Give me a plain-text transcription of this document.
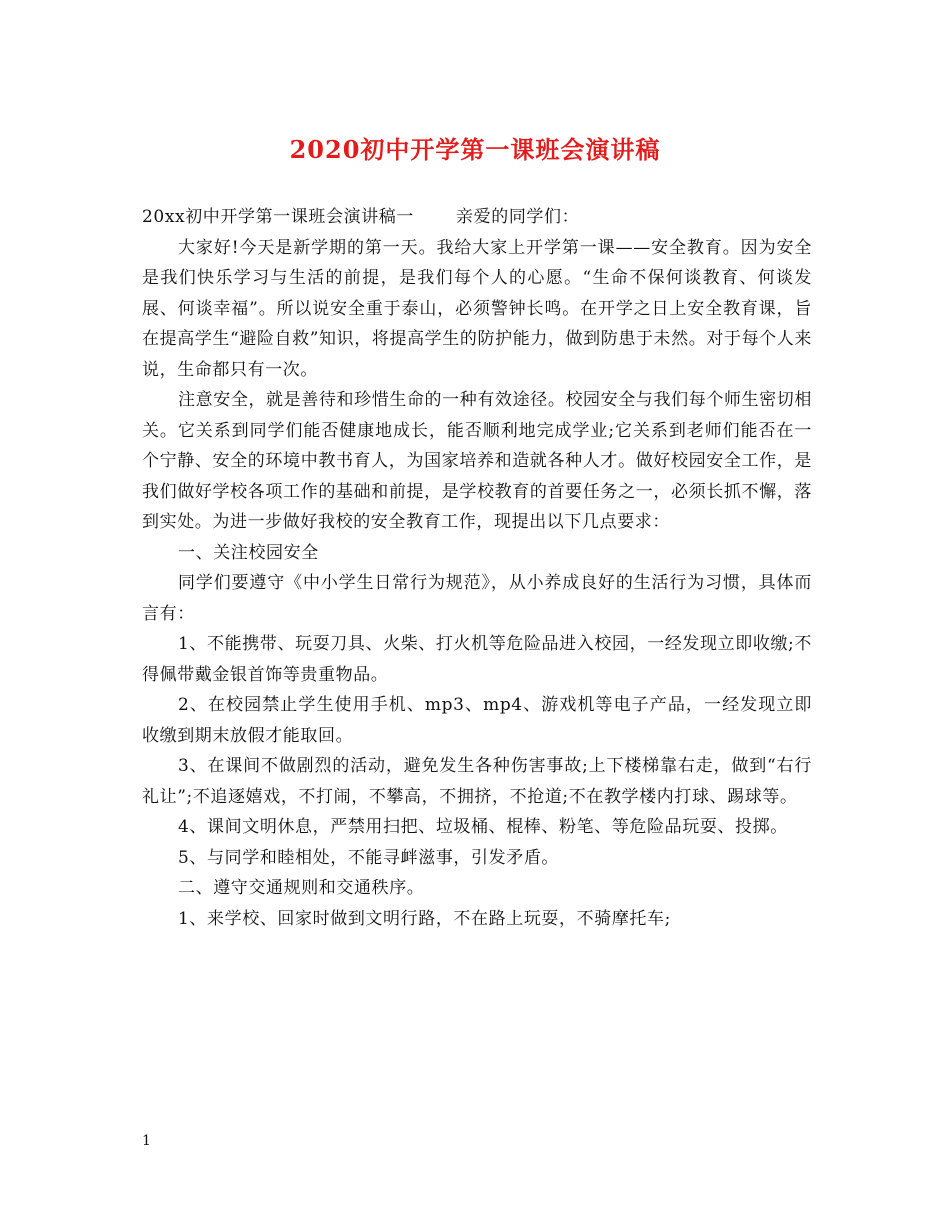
2020初中开学第一课班会演讲稿

20xx初中开学第一课班会演讲稿一 亲爱的同学们：

大家好!今天是新学期的第一天。我给大家上开学第一课——安全教育。因为安全是我们快乐学习与生活的前提，是我们每个人的心愿。“生命不保何谈教育、何谈发展、何谈幸福”。所以说安全重于泰山，必须警钟长鸣。在开学之日上安全教育课，旨在提高学生“避险自救”知识，将提高学生的防护能力，做到防患于未然。对于每个人来说，生命都只有一次。

注意安全，就是善待和珍惜生命的一种有效途径。校园安全与我们每个师生密切相关。它关系到同学们能否健康地成长，能否顺利地完成学业;它关系到老师们能否在一个宁静、安全的环境中教书育人，为国家培养和造就各种人才。做好校园安全工作，是我们做好学校各项工作的基础和前提，是学校教育的首要任务之一，必须长抓不懈，落到实处。为进一步做好我校的安全教育工作，现提出以下几点要求：

一、关注校园安全

同学们要遵守《中小学生日常行为规范》，从小养成良好的生活行为习惯，具体而言有：

1、不能携带、玩耍刀具、火柴、打火机等危险品进入校园，一经发现立即收缴;不得佩带戴金银首饰等贵重物品。

2、在校园禁止学生使用手机、mp3、mp4、游戏机等电子产品，一经发现立即收缴到期末放假才能取回。

3、在课间不做剧烈的活动，避免发生各种伤害事故;上下楼梯靠右走，做到“右行礼让”;不追逐嬉戏，不打闹，不攀高，不拥挤，不抢道;不在教学楼内打球、踢球等。

4、课间文明休息，严禁用扫把、垃圾桶、棍棒、粉笔、等危险品玩耍、投掷。

5、与同学和睦相处，不能寻衅滋事，引发矛盾。

二、遵守交通规则和交通秩序。

1、来学校、回家时做到文明行路，不在路上玩耍，不骑摩托车;

1
